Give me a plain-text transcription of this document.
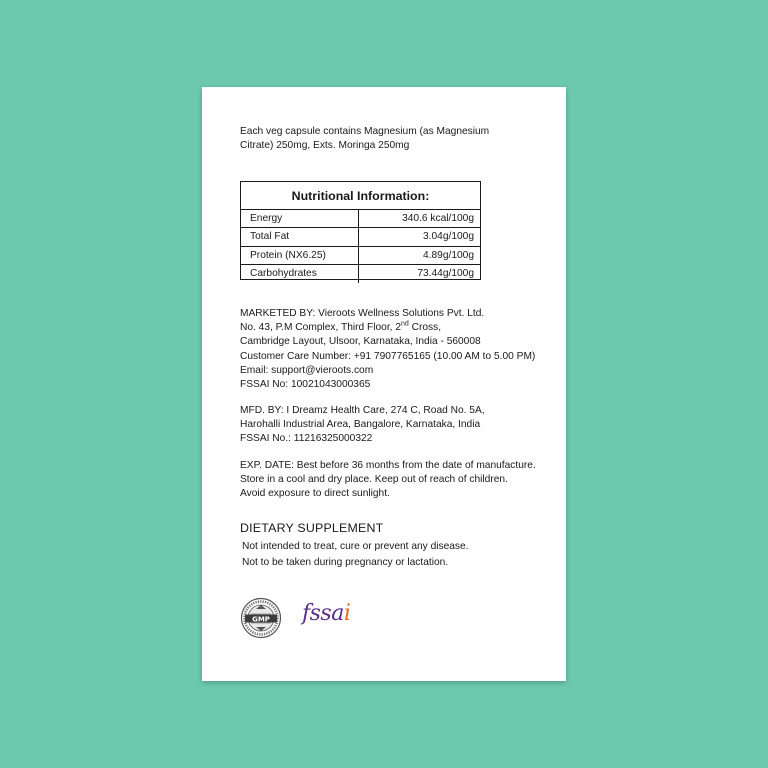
Each veg capsule contains Magnesium (as Magnesium
Citrate) 250mg, Exts. Moringa 250mg
Nutritional Information:
Energy	340.6 kcal/100g
Total Fat	3.04g/100g
Protein (NX6.25)	4.89g/100g
Carbohydrates	73.44g/100g
MARKETED BY: Vieroots Wellness Solutions Pvt. Ltd.
No. 43, P.M Complex, Third Floor, 2nd Cross,
Cambridge Layout, Ulsoor, Karnataka, India - 560008
Customer Care Number: +91 7907765165 (10.00 AM to 5.00 PM)
Email: support@vieroots.com
FSSAI No: 10021043000365
MFD. BY: I Dreamz Health Care, 274 C, Road No. 5A,
Harohalli Industrial Area, Bangalore, Karnataka, India
FSSAI No.: 11216325000322
EXP. DATE: Best before 36 months from the date of manufacture.
Store in a cool and dry place. Keep out of reach of children.
Avoid exposure to direct sunlight.
DIETARY SUPPLEMENT
Not intended to treat, cure or prevent any disease.
Not to be taken during pregnancy or lactation.
GMP fssai
